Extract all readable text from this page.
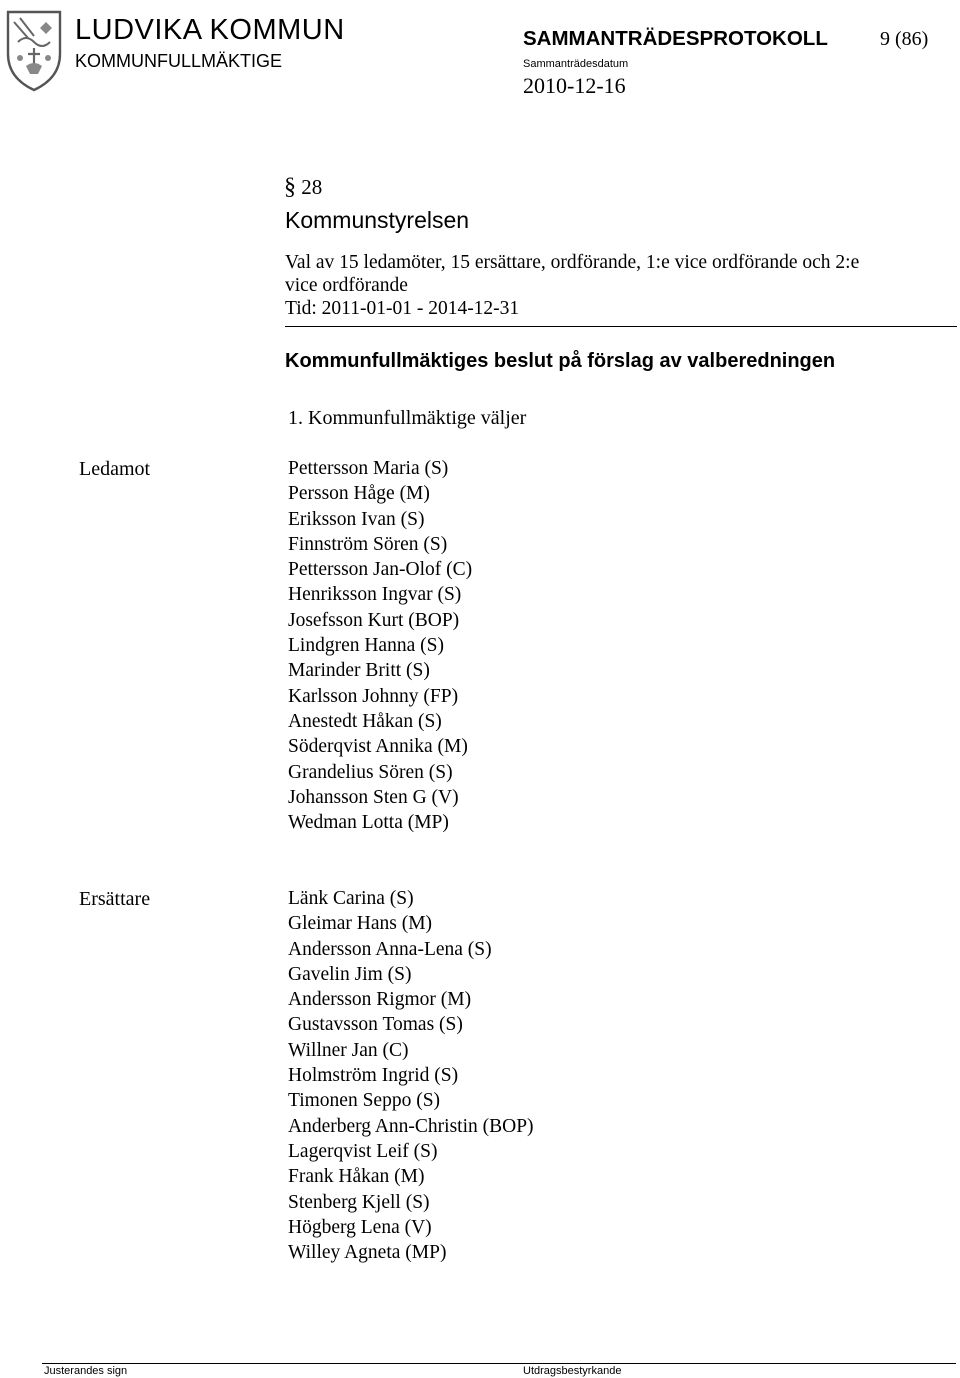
LUDVIKA KOMMUN
KOMMUNFULLMÄKTIGE
SAMMANTRÄDESPROTOKOLL	9 (86)
Sammanträdesdatum
2010-12-16
§ 28
Kommunstyrelsen
Val av 15 ledamöter, 15 ersättare, ordförande, 1:e vice ordförande och 2:e
vice ordförande
Tid: 2011-01-01 - 2014-12-31
Kommunfullmäktiges beslut på förslag av valberedningen
1. Kommunfullmäktige väljer
Ledamot	Pettersson Maria (S)
Persson Håge (M)
Eriksson Ivan (S)
Finnström Sören (S)
Pettersson Jan-Olof (C)
Henriksson Ingvar (S)
Josefsson Kurt (BOP)
Lindgren Hanna (S)
Marinder Britt (S)
Karlsson Johnny (FP)
Anestedt Håkan (S)
Söderqvist Annika (M)
Grandelius Sören (S)
Johansson Sten G (V)
Wedman Lotta (MP)
Ersättare	Länk Carina (S)
Gleimar Hans (M)
Andersson Anna-Lena (S)
Gavelin Jim (S)
Andersson Rigmor (M)
Gustavsson Tomas (S)
Willner Jan (C)
Holmström Ingrid (S)
Timonen Seppo (S)
Anderberg Ann-Christin (BOP)
Lagerqvist Leif (S)
Frank Håkan (M)
Stenberg Kjell (S)
Högberg Lena (V)
Willey Agneta (MP)
Justerandes sign	Utdragsbestyrkande
